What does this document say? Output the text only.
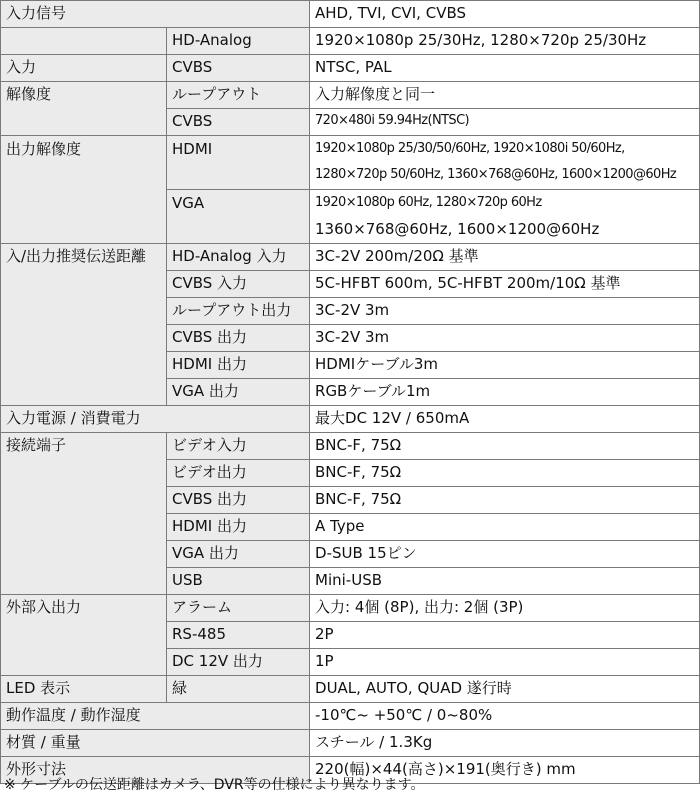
入力信号		AHD, TVI, CVI, CVBS
	HD-Analog	1920×1080p 25/30Hz, 1280×720p 25/30Hz
入力	CVBS	NTSC, PAL
解像度	ループアウト	入力解像度と同一
	CVBS	720×480i 59.94Hz(NTSC)
出力解像度	HDMI	1920×1080p 25/30/50/60Hz, 1920×1080i 50/60Hz,
1280×720p 50/60Hz, 1360×768@60Hz, 1600×1200@60Hz

	VGA	1920×1080p 60Hz, 1280×720p 60Hz
1360×768@60Hz, 1600×1200@60Hz

入/出力推奨伝送距離	HD-Analog 入力	3C-2V 200m/20Ω 基準
	CVBS 入力	5C-HFBT 600m, 5C-HFBT 200m/10Ω 基準
	ループアウト出力	3C-2V 3m
	CVBS 出力	3C-2V 3m
	HDMI 出力	HDMIケーブル3m
	VGA 出力	RGBケーブル1m
入力電源 / 消費電力		最大DC 12V / 650mA
接続端子	ビデオ入力	BNC-F, 75Ω
	ビデオ出力	BNC-F, 75Ω
	CVBS 出力	BNC-F, 75Ω
	HDMI 出力	A Type
	VGA 出力	D-SUB 15ピン
	USB	Mini-USB
外部入出力	アラーム	入力: 4個 (8P), 出力: 2個 (3P)
	RS-485	2P
	DC 12V 出力	1P
LED 表示	緑	DUAL, AUTO, QUAD 遂行時
動作温度 / 動作湿度		-10℃~ +50℃ / 0~80%
材質 / 重量		スチール / 1.3Kg
外形寸法		220(幅)×44(高さ)×191(奥行き) mm
※ ケーブルの伝送距離はカメラ、DVR等の仕様により異なります。
